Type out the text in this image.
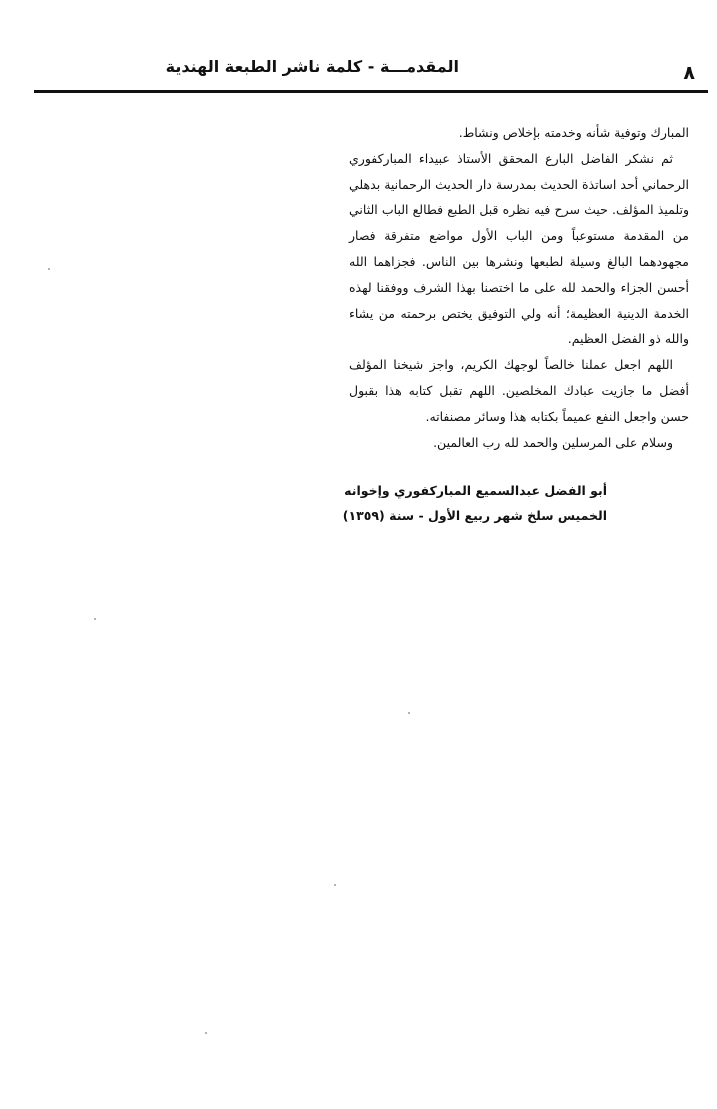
المقدمـــة - كلمة ناشر الطبعة الهندية	٨

المبارك وتوفية شأنه وخدمته بإخلاص ونشاط.

ثم نشكر الفاضل البارع المحقق الأستاذ عبيداء المباركفوري الرحماني أحد اساتذة الحديث بمدرسة دار الحديث الرحمانية بدهلي وتلميذ المؤلف. حيث سرح فيه نظره قبل الطبع فطالع الباب الثاني من المقدمة مستوعباً ومن الباب الأول مواضع متفرقة فصار مجهودهما البالغ وسيلة لطبعها ونشرها بين الناس. فجزاهما الله أحسن الجزاء والحمد لله على ما اختصنا بهذا الشرف ووفقنا لهذه الخدمة الدينية العظيمة؛ أنه ولي التوفيق يختص برحمته من يشاء والله ذو الفضل العظيم.

اللهم اجعل عملنا خالصاً لوجهك الكريم، واجز شيخنا المؤلف أفضل ما جازيت عبادك المخلصين. اللهم تقبل كتابه هذا بقبول حسن واجعل النفع عميماً بكتابه هذا وسائر مصنفاته.

وسلام على المرسلين والحمد لله رب العالمين.

أبو الفضل عبدالسميع المباركفوري وإخوانه
الخميس سلخ شهر ربيع الأول - سنة (١٣٥٩)
